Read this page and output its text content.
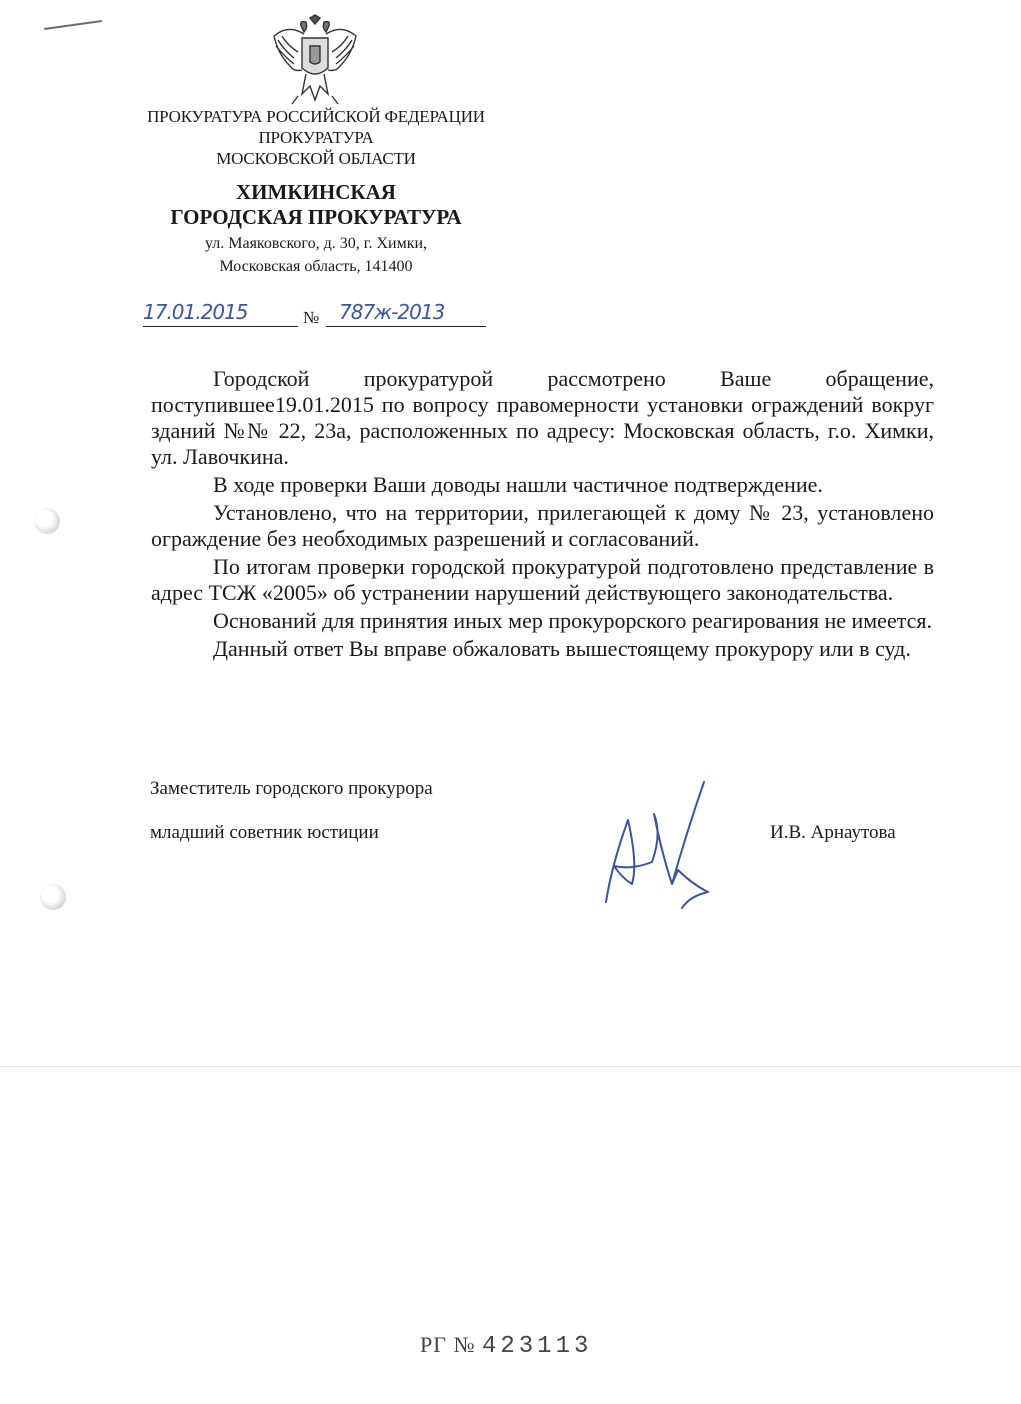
ПРОКУРАТУРА РОССИЙСКОЙ ФЕДЕРАЦИИ
ПРОКУРАТУРА
МОСКОВСКОЙ ОБЛАСТИ
ХИМКИНСКАЯ
ГОРОДСКАЯ ПРОКУРАТУРА
ул. Маяковского, д. 30, г. Химки,
Московская область, 141400
17.01.2015	№ 787ж-2013

Городской прокуратурой рассмотрено Ваше обращение, поступившее19.01.2015 по вопросу правомерности установки ограждений вокруг зданий №№ 22, 23а, расположенных по адресу: Московская область, г.о. Химки, ул. Лавочкина.

В ходе проверки Ваши доводы нашли частичное подтверждение.

Установлено, что на территории, прилегающей к дому № 23, установлено ограждение без необходимых разрешений и согласований.

По итогам проверки городской прокуратурой подготовлено представление в адрес ТСЖ «2005» об устранении нарушений действующего законодательства.

Оснований для принятия иных мер прокурорского реагирования не имеется.

Данный ответ Вы вправе обжаловать вышестоящему прокурору или в суд.

Заместитель городского прокурора
младший советник юстиции	И.В. Арнаутова
РГ № 423113
